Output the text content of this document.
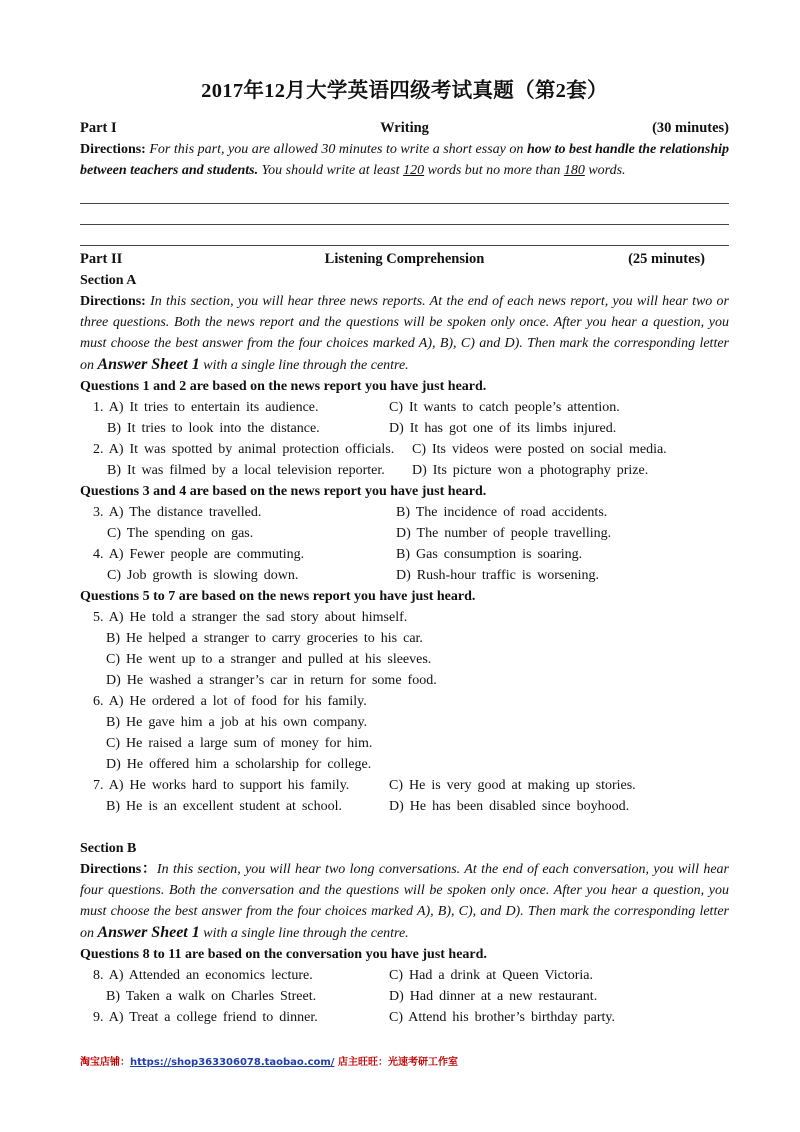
2017年12月大学英语四级考试真题（第2套）
Part I	Writing	(30 minutes)

Directions: For this part, you are allowed 30 minutes to write a short essay on how to best handle the relationship between teachers and students. You should write at least 120 words but no more than 180 words.

Part II	Listening Comprehension	(25 minutes)

Section A

Directions: In this section, you will hear three news reports. At the end of each news report, you will hear two or three questions. Both the news report and the questions will be spoken only once. After you hear a question, you must choose the best answer from the four choices marked A), B), C) and D). Then mark the corresponding letter on Answer Sheet 1 with a single line through the centre.

Questions 1 and 2 are based on the news report you have just heard.

1. A) It tries to entertain its audience.	C) It wants to catch people’s attention.
B) It tries to look into the distance.	D) It has got one of its limbs injured.
2. A) It was spotted by animal protection officials. C) Its videos were posted on social media.
B) It was filmed by a local television reporter. D) Its picture won a photography prize.

Questions 3 and 4 are based on the news report you have just heard.

3. A) The distance travelled.	B) The incidence of road accidents.
C) The spending on gas.	D) The number of people travelling.
4. A) Fewer people are commuting.	B) Gas consumption is soaring.
C) Job growth is slowing down.	D) Rush-hour traffic is worsening.

Questions 5 to 7 are based on the news report you have just heard.

5. A) He told a stranger the sad story about himself.
B) He helped a stranger to carry groceries to his car.
C) He went up to a stranger and pulled at his sleeves.
D) He washed a stranger’s car in return for some food.
6. A) He ordered a lot of food for his family.
B) He gave him a job at his own company.
C) He raised a large sum of money for him.
D) He offered him a scholarship for college.
7. A) He works hard to support his family.	C) He is very good at making up stories.
B) He is an excellent student at school.	D) He has been disabled since boyhood.

Section B

Directions：In this section, you will hear two long conversations. At the end of each conversation, you will hear four questions. Both the conversation and the questions will be spoken only once. After you hear a question, you must choose the best answer from the four choices marked A), B), C), and D). Then mark the corresponding letter on Answer Sheet 1 with a single line through the centre.

Questions 8 to 11 are based on the conversation you have just heard.

8. A) Attended an economics lecture.	C) Had a drink at Queen Victoria.
B) Taken a walk on Charles Street.	D) Had dinner at a new restaurant.
9. A) Treat a college friend to dinner.	C) Attend his brother’s birthday party.
淘宝店铺：https://shop363306078.taobao.com/ 店主旺旺：光速考研工作室
